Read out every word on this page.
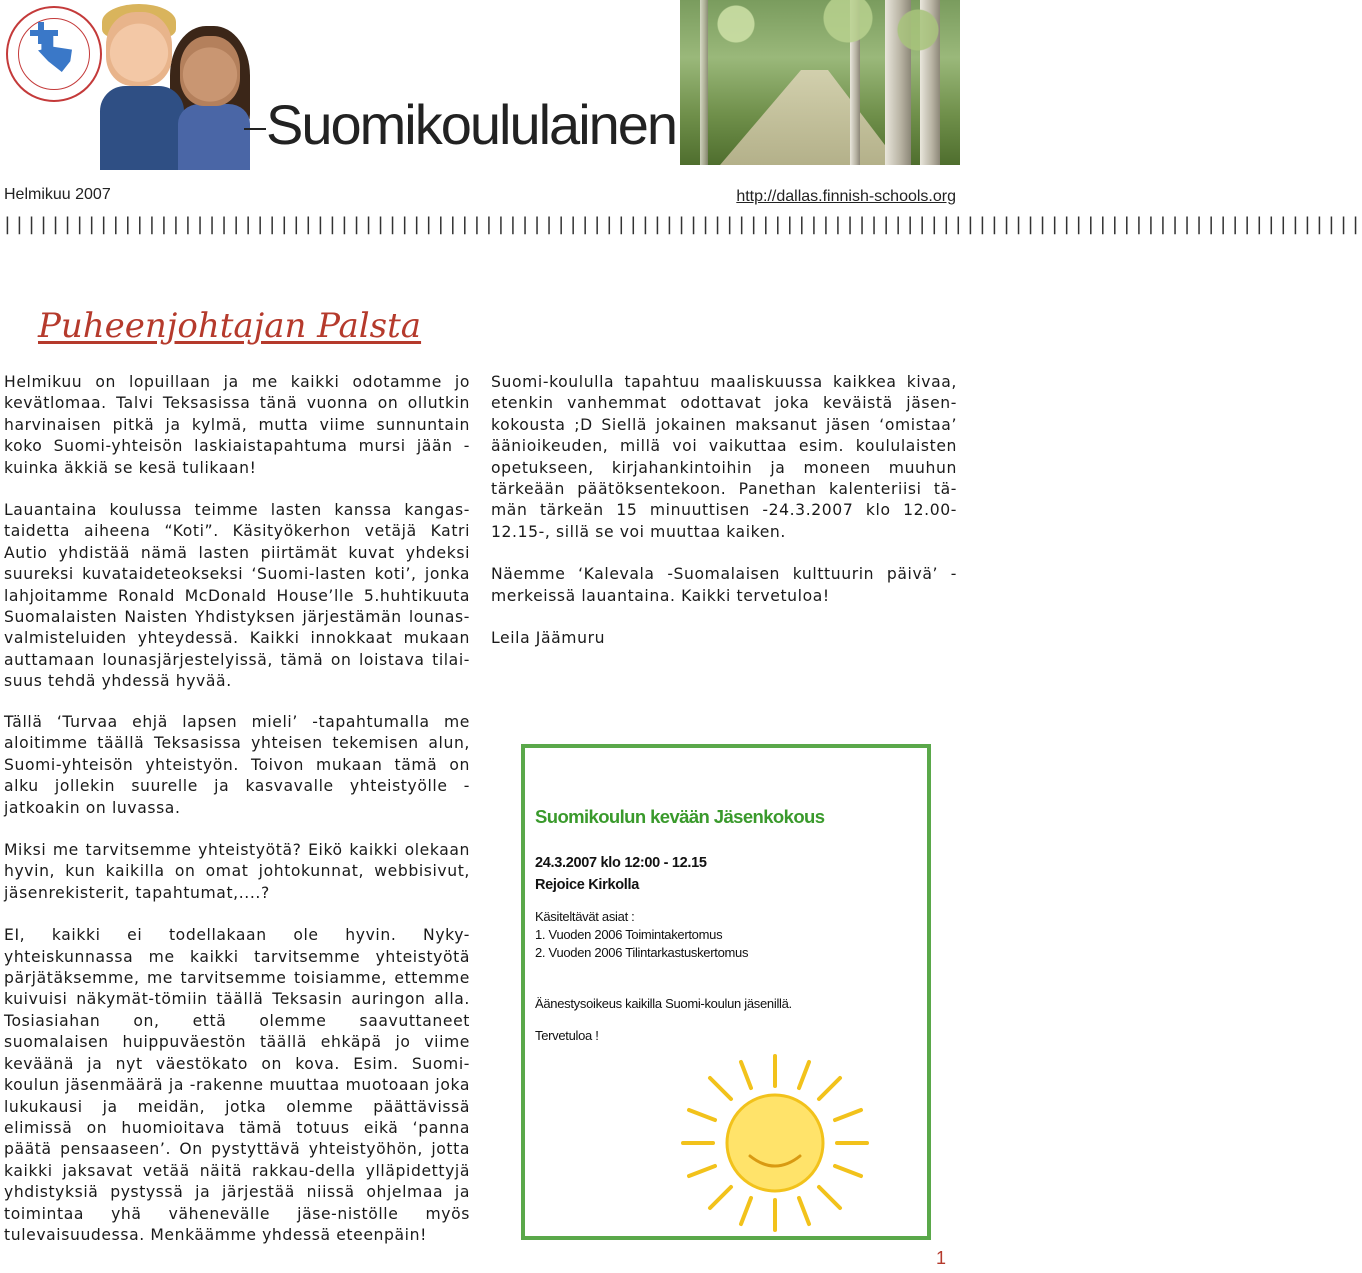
Suomikoululainen
Helmikuu 2007	http://dallas.finnish-schools.org
|||||||||||||||||||||||||||||||||||||||||||||||||||||||||||||||||||||||||||||||||||||||||||||||||||||||||||||||||
Puheenjohtajan Palsta

Helmikuu on lopuillaan ja me kaikki odotamme jo kevätlomaa. Talvi Teksasissa tänä vuonna on ollutkin harvinaisen pitkä ja kylmä, mutta viime sunnuntain koko Suomi-yhteisön laskiaistapahtuma mursi jään - kuinka äkkiä se kesä tulikaan!

Lauantaina koulussa teimme lasten kanssa kangas-taidetta aiheena “Koti”. Käsityökerhon vetäjä Katri Autio yhdistää nämä lasten piirtämät kuvat yhdeksi suureksi kuvataideteokseksi ‘Suomi-lasten koti’, jonka lahjoitamme Ronald McDonald House’lle 5.huhtikuuta Suomalaisten Naisten Yhdistyksen järjestämän lounas-valmisteluiden yhteydessä. Kaikki innokkaat mukaan auttamaan lounasjärjestelyissä, tämä on loistava tilai-suus tehdä yhdessä hyvää.

Suomi-koululla tapahtuu maaliskuussa kaikkea kivaa, etenkin vanhemmat odottavat joka keväistä jäsen-kokousta ;D Siellä jokainen maksanut jäsen ‘omistaa’ äänioikeuden, millä voi vaikuttaa esim. koululaisten opetukseen, kirjahankintoihin ja moneen muuhun tärkeään päätöksentekoon. Panethan kalenteriisi tä-män tärkeän 15 minuuttisen -24.3.2007 klo 12.00-12.15-, sillä se voi muuttaa kaiken.

Näemme ‘Kalevala -Suomalaisen kulttuurin päivä’ -merkeissä lauantaina. Kaikki tervetuloa!

Leila Jäämuru

Tällä ‘Turvaa ehjä lapsen mieli’ -tapahtumalla me aloitimme täällä Teksasissa yhteisen tekemisen alun, Suomi-yhteisön yhteistyön. Toivon mukaan tämä on alku jollekin suurelle ja kasvavalle yhteistyölle - jatkoakin on luvassa.

Miksi me tarvitsemme yhteistyötä? Eikö kaikki olekaan hyvin, kun kaikilla on omat johtokunnat, webbisivut, jäsenrekisterit, tapahtumat,....?

EI, kaikki ei todellakaan ole hyvin. Nyky-yhteiskunnassa me kaikki tarvitsemme yhteistyötä pärjätäksemme, me tarvitsemme toisiamme, ettemme kuivuisi näkymät-tömiin täällä Teksasin auringon alla. Tosiasiahan on, että olemme saavuttaneet suomalaisen huippuväestön täällä ehkäpä jo viime keväänä ja nyt väestökato on kova. Esim. Suomi-koulun jäsenmäärä ja -rakenne muuttaa muotoaan joka lukukausi ja meidän, jotka olemme päättävissä elimissä on huomioitava tämä totuus eikä ‘panna päätä pensaaseen’. On pystyttävä yhteistyöhön, jotta kaikki jaksavat vetää näitä rakkau-della ylläpidettyjä yhdistyksiä pystyssä ja järjestää niissä ohjelmaa ja toimintaa yhä vähenevälle jäse-nistölle myös tulevaisuudessa. Menkäämme yhdessä eteenpäin!

Suomikoulun kevään Jäsenkokous
24.3.2007 klo 12:00 - 12.15
Rejoice Kirkolla
Käsiteltävät asiat :
1. Vuoden 2006 Toimintakertomus
2. Vuoden 2006 Tilintarkastuskertomus
Äänestysoikeus kaikilla Suomi-koulun jäsenillä.
Tervetuloa !
1
